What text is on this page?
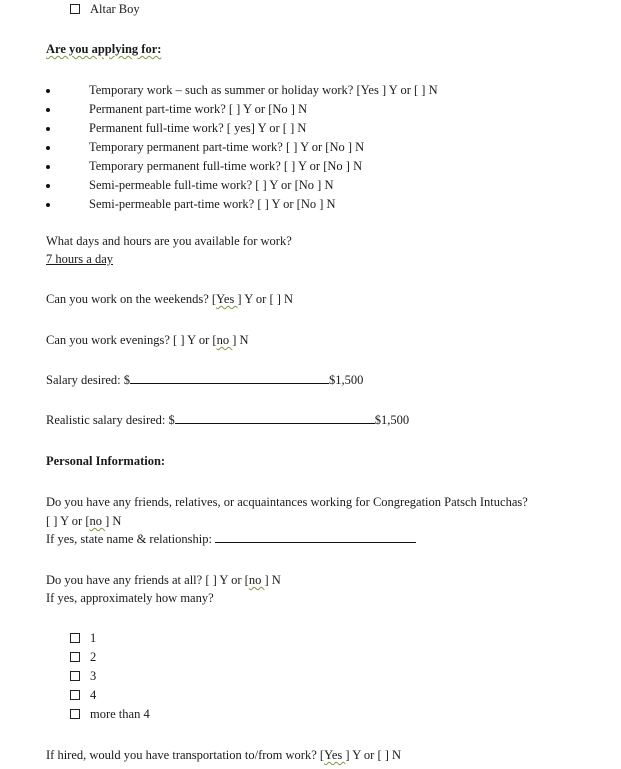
Altar Boy
Are you applying for:
Temporary work – such as summer or holiday work? [Yes ] Y or [ ] N
Permanent part-time work? [ ] Y or [No ] N
Permanent full-time work? [ yes] Y or [ ] N
Temporary permanent part-time work? [ ] Y or [No ] N
Temporary permanent full-time work? [ ] Y or [No ] N
Semi-permeable full-time work? [ ] Y or [No ] N
Semi-permeable part-time work? [ ] Y or [No ] N
What days and hours are you available for work?
7 hours a day
Can you work on the weekends? [Yes ] Y or [ ] N
Can you work evenings? [ ] Y or [no ] N
Salary desired: $	$1,500
Realistic salary desired: $	$1,500
Personal Information:
Do you have any friends, relatives, or acquaintances working for Congregation Patsch Intuchas?
[ ] Y or [no ] N
If yes, state name & relationship:
Do you have any friends at all? [ ] Y or [no ] N
If yes, approximately how many?
1
2
3
4
more than 4
If hired, would you have transportation to/from work? [Yes ] Y or [ ] N
